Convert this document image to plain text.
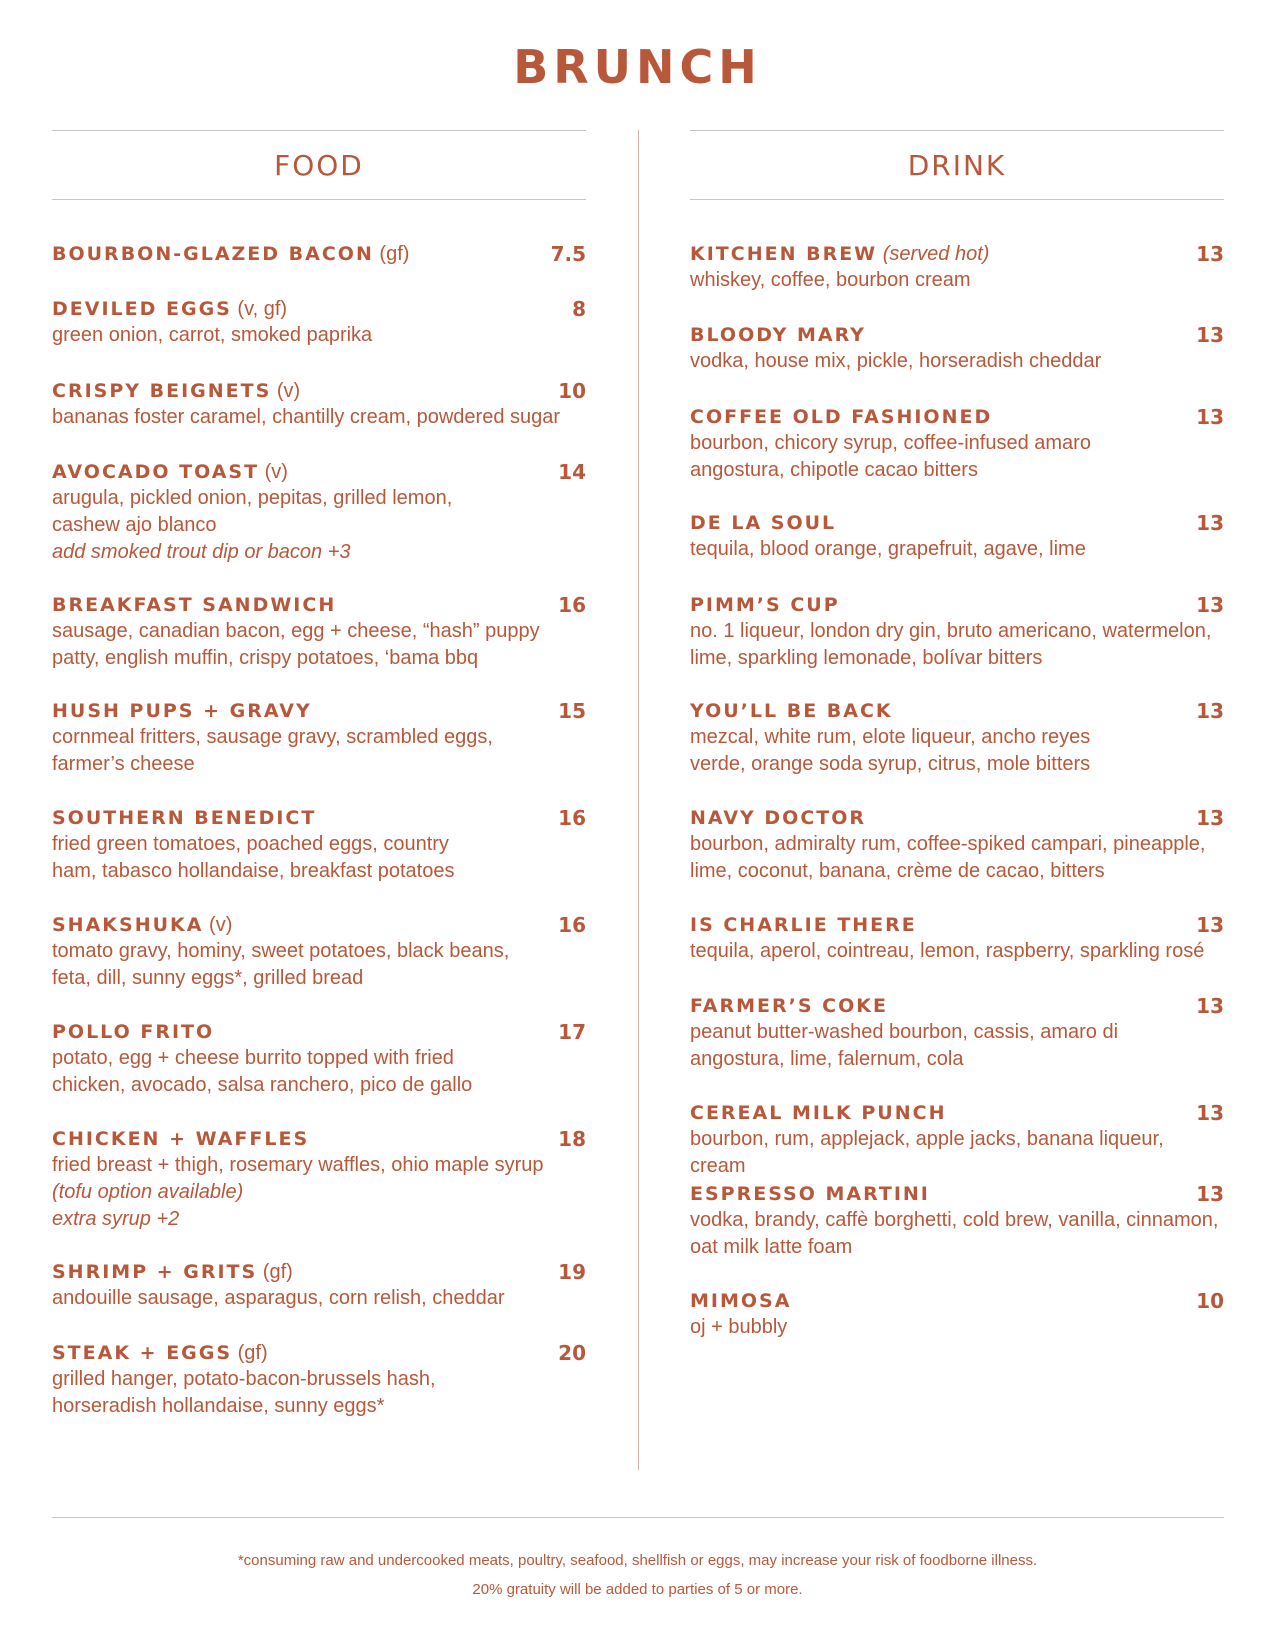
BRUNCH
FOOD
BOURBON-GLAZED BACON (gf)	7.5
DEVILED EGGS (v, gf)	8
green onion, carrot, smoked paprika
CRISPY BEIGNETS (v)	10
bananas foster caramel, chantilly cream, powdered sugar
AVOCADO TOAST (v)	14
arugula, pickled onion, pepitas, grilled lemon,
cashew ajo blanco
add smoked trout dip or bacon +3
BREAKFAST SANDWICH	16
sausage, canadian bacon, egg + cheese, “hash” puppy
patty, english muffin, crispy potatoes, ‘bama bbq
HUSH PUPS + GRAVY	15
cornmeal fritters, sausage gravy, scrambled eggs,
farmer’s cheese
SOUTHERN BENEDICT	16
fried green tomatoes, poached eggs, country
ham, tabasco hollandaise, breakfast potatoes
SHAKSHUKA (v)	16
tomato gravy, hominy, sweet potatoes, black beans,
feta, dill, sunny eggs*, grilled bread
POLLO FRITO	17
potato, egg + cheese burrito topped with fried
chicken, avocado, salsa ranchero, pico de gallo
CHICKEN + WAFFLES	18
fried breast + thigh, rosemary waffles, ohio maple syrup
(tofu option available)
extra syrup +2
SHRIMP + GRITS (gf)	19
andouille sausage, asparagus, corn relish, cheddar
STEAK + EGGS (gf)	20
grilled hanger, potato-bacon-brussels hash,
horseradish hollandaise, sunny eggs*
DRINK
KITCHEN BREW (served hot)	13
whiskey, coffee, bourbon cream
BLOODY MARY	13
vodka, house mix, pickle, horseradish cheddar
COFFEE OLD FASHIONED	13
bourbon, chicory syrup, coffee-infused amaro
angostura, chipotle cacao bitters
DE LA SOUL	13
tequila, blood orange, grapefruit, agave, lime
PIMM’S CUP	13
no. 1 liqueur, london dry gin, bruto americano, watermelon,
lime, sparkling lemonade, bolívar bitters
YOU’LL BE BACK	13
mezcal, white rum, elote liqueur, ancho reyes
verde, orange soda syrup, citrus, mole bitters
NAVY DOCTOR	13
bourbon, admiralty rum, coffee-spiked campari, pineapple,
lime, coconut, banana, crème de cacao, bitters
IS CHARLIE THERE	13
tequila, aperol, cointreau, lemon, raspberry, sparkling rosé
FARMER’S COKE	13
peanut butter-washed bourbon, cassis, amaro di
angostura, lime, falernum, cola
CEREAL MILK PUNCH	13
bourbon, rum, applejack, apple jacks, banana liqueur, cream
ESPRESSO MARTINI	13
vodka, brandy, caffè borghetti, cold brew, vanilla, cinnamon,
oat milk latte foam
MIMOSA	10
oj + bubbly
*consuming raw and undercooked meats, poultry, seafood, shellfish or eggs, may increase your risk of foodborne illness.
20% gratuity will be added to parties of 5 or more.
